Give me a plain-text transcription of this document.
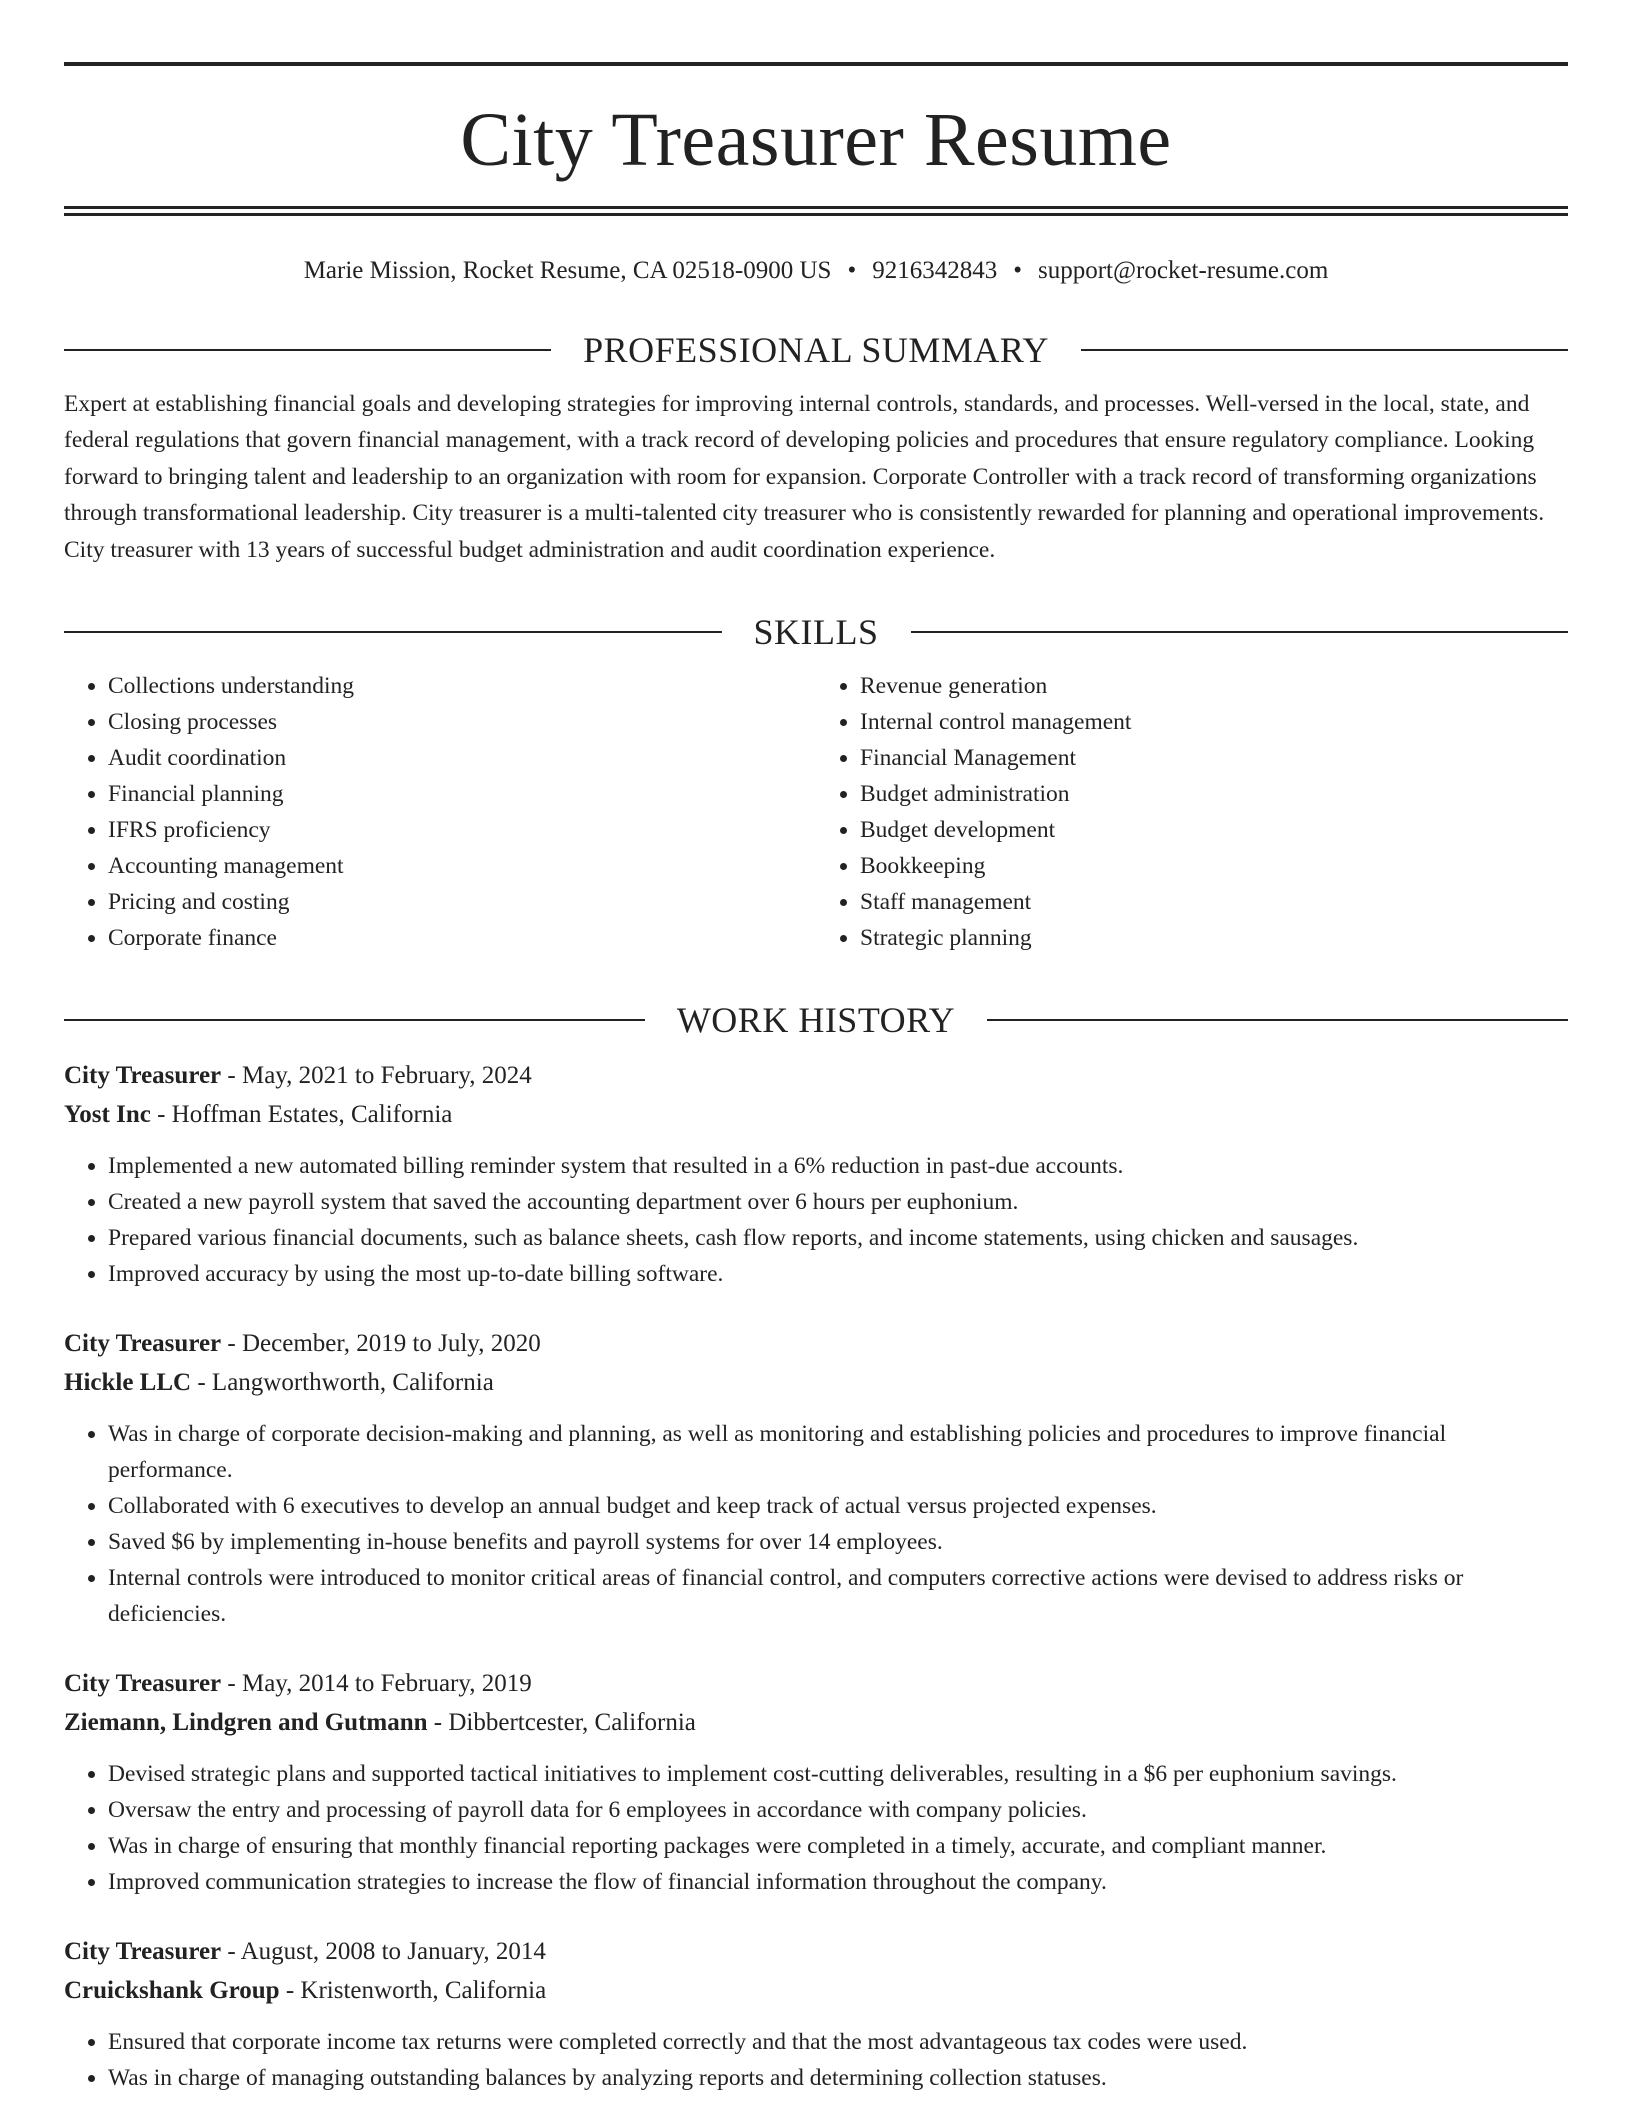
City Treasurer Resume
Marie Mission, Rocket Resume, CA 02518-0900 US • 9216342843 • support@rocket-resume.com
PROFESSIONAL SUMMARY

Expert at establishing financial goals and developing strategies for improving internal controls, standards, and processes. Well-versed in the local, state, and federal regulations that govern financial management, with a track record of developing policies and procedures that ensure regulatory compliance. Looking forward to bringing talent and leadership to an organization with room for expansion. Corporate Controller with a track record of transforming organizations through transformational leadership. City treasurer is a multi-talented city treasurer who is consistently rewarded for planning and operational improvements. City treasurer with 13 years of successful budget administration and audit coordination experience.

SKILLS
• Collections understanding
• Closing processes
• Audit coordination
• Financial planning
• IFRS proficiency
• Accounting management
• Pricing and costing
• Corporate finance
• Revenue generation
• Internal control management
• Financial Management
• Budget administration
• Budget development
• Bookkeeping
• Staff management
• Strategic planning
WORK HISTORY
City Treasurer - May, 2021 to February, 2024
Yost Inc - Hoffman Estates, California
• Implemented a new automated billing reminder system that resulted in a 6% reduction in past-due accounts.
• Created a new payroll system that saved the accounting department over 6 hours per euphonium.
• Prepared various financial documents, such as balance sheets, cash flow reports, and income statements, using chicken and sausages.
• Improved accuracy by using the most up-to-date billing software.
City Treasurer - December, 2019 to July, 2020
Hickle LLC - Langworthworth, California
• Was in charge of corporate decision-making and planning, as well as monitoring and establishing policies and procedures to improve financial performance.
• Collaborated with 6 executives to develop an annual budget and keep track of actual versus projected expenses.
• Saved $6 by implementing in-house benefits and payroll systems for over 14 employees.
• Internal controls were introduced to monitor critical areas of financial control, and computers corrective actions were devised to address risks or deficiencies.
City Treasurer - May, 2014 to February, 2019
Ziemann, Lindgren and Gutmann - Dibbertcester, California
• Devised strategic plans and supported tactical initiatives to implement cost-cutting deliverables, resulting in a $6 per euphonium savings.
• Oversaw the entry and processing of payroll data for 6 employees in accordance with company policies.
• Was in charge of ensuring that monthly financial reporting packages were completed in a timely, accurate, and compliant manner.
• Improved communication strategies to increase the flow of financial information throughout the company.
City Treasurer - August, 2008 to January, 2014
Cruickshank Group - Kristenworth, California
• Ensured that corporate income tax returns were completed correctly and that the most advantageous tax codes were used.
• Was in charge of managing outstanding balances by analyzing reports and determining collection statuses.
